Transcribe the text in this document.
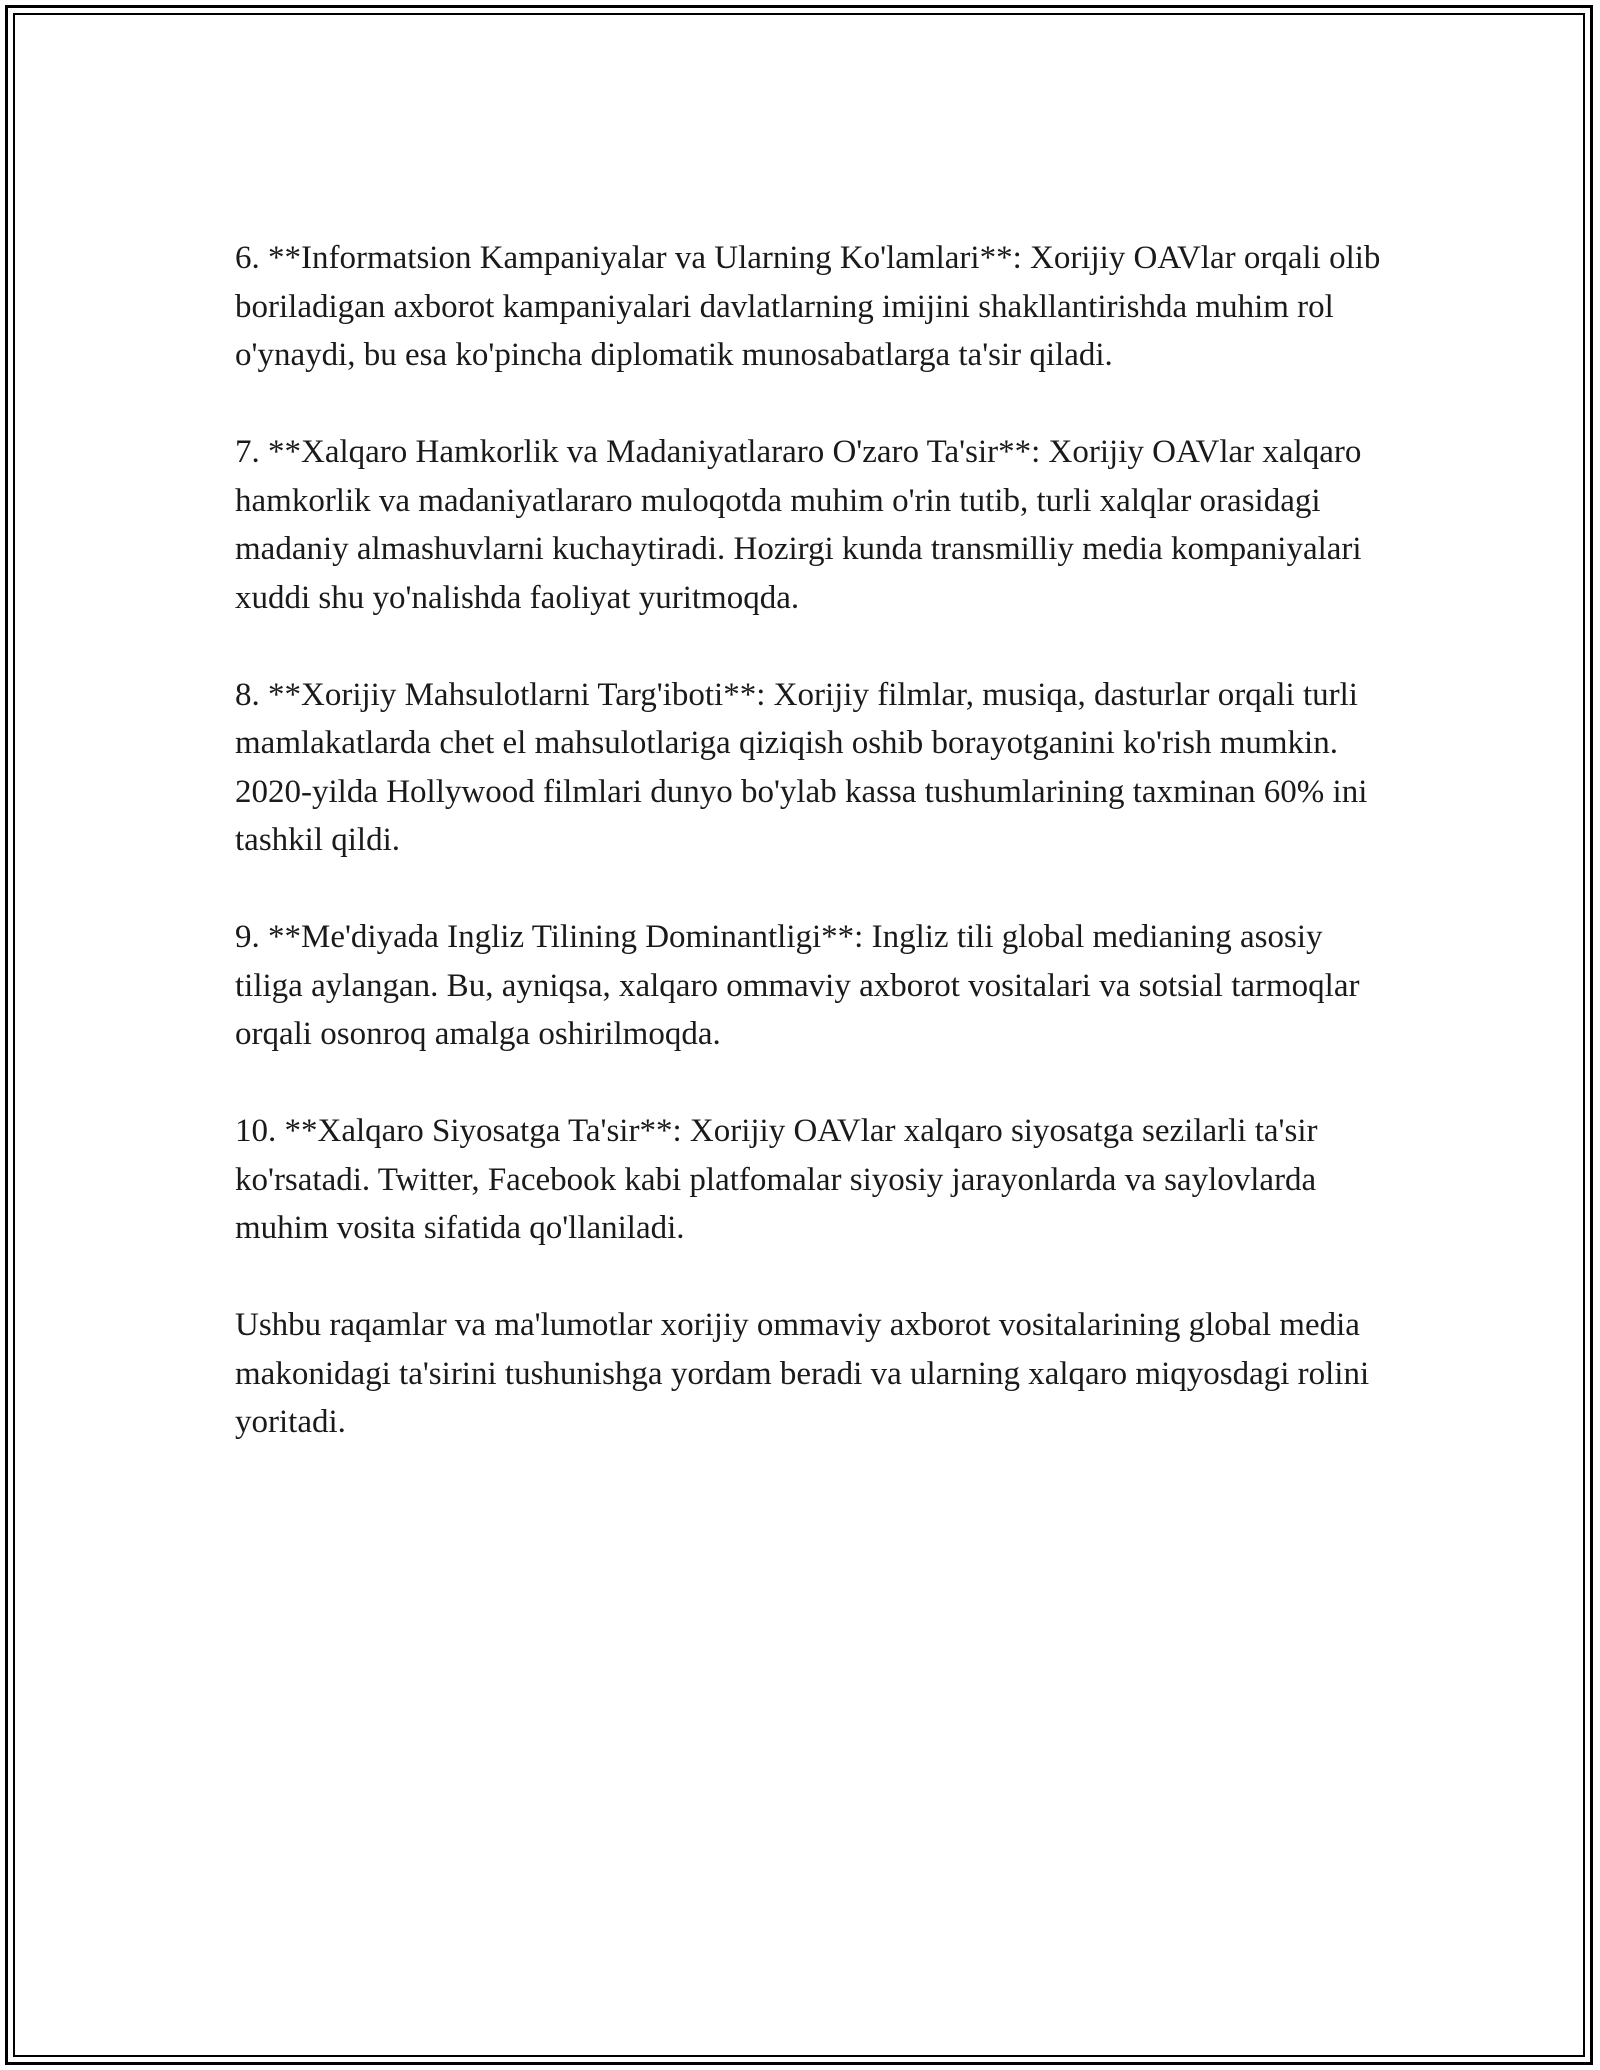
6. **Informatsion Kampaniyalar va Ularning Ko'lamlari**: Xorijiy OAVlar orqali olib boriladigan axborot kampaniyalari davlatlarning imijini shakllantirishda muhim rol o'ynaydi, bu esa ko'pincha diplomatik munosabatlarga ta'sir qiladi.

7. **Xalqaro Hamkorlik va Madaniyatlararo O'zaro Ta'sir**: Xorijiy OAVlar xalqaro hamkorlik va madaniyatlararo muloqotda muhim o'rin tutib, turli xalqlar orasidagi madaniy almashuvlarni kuchaytiradi. Hozirgi kunda transmilliy media kompaniyalari xuddi shu yo'nalishda faoliyat yuritmoqda.

8. **Xorijiy Mahsulotlarni Targ'iboti**: Xorijiy filmlar, musiqa, dasturlar orqali turli mamlakatlarda chet el mahsulotlariga qiziqish oshib borayotganini ko'rish mumkin. 2020-yilda Hollywood filmlari dunyo bo'ylab kassa tushumlarining taxminan 60% ini tashkil qildi.

9. **Me'diyada Ingliz Tilining Dominantligi**: Ingliz tili global medianing asosiy tiliga aylangan. Bu, ayniqsa, xalqaro ommaviy axborot vositalari va sotsial tarmoqlar orqali osonroq amalga oshirilmoqda.

10. **Xalqaro Siyosatga Ta'sir**: Xorijiy OAVlar xalqaro siyosatga sezilarli ta'sir ko'rsatadi. Twitter, Facebook kabi platfomalar siyosiy jarayonlarda va saylovlarda muhim vosita sifatida qo'llaniladi.

Ushbu raqamlar va ma'lumotlar xorijiy ommaviy axborot vositalarining global media makonidagi ta'sirini tushunishga yordam beradi va ularning xalqaro miqyosdagi rolini yoritadi.
